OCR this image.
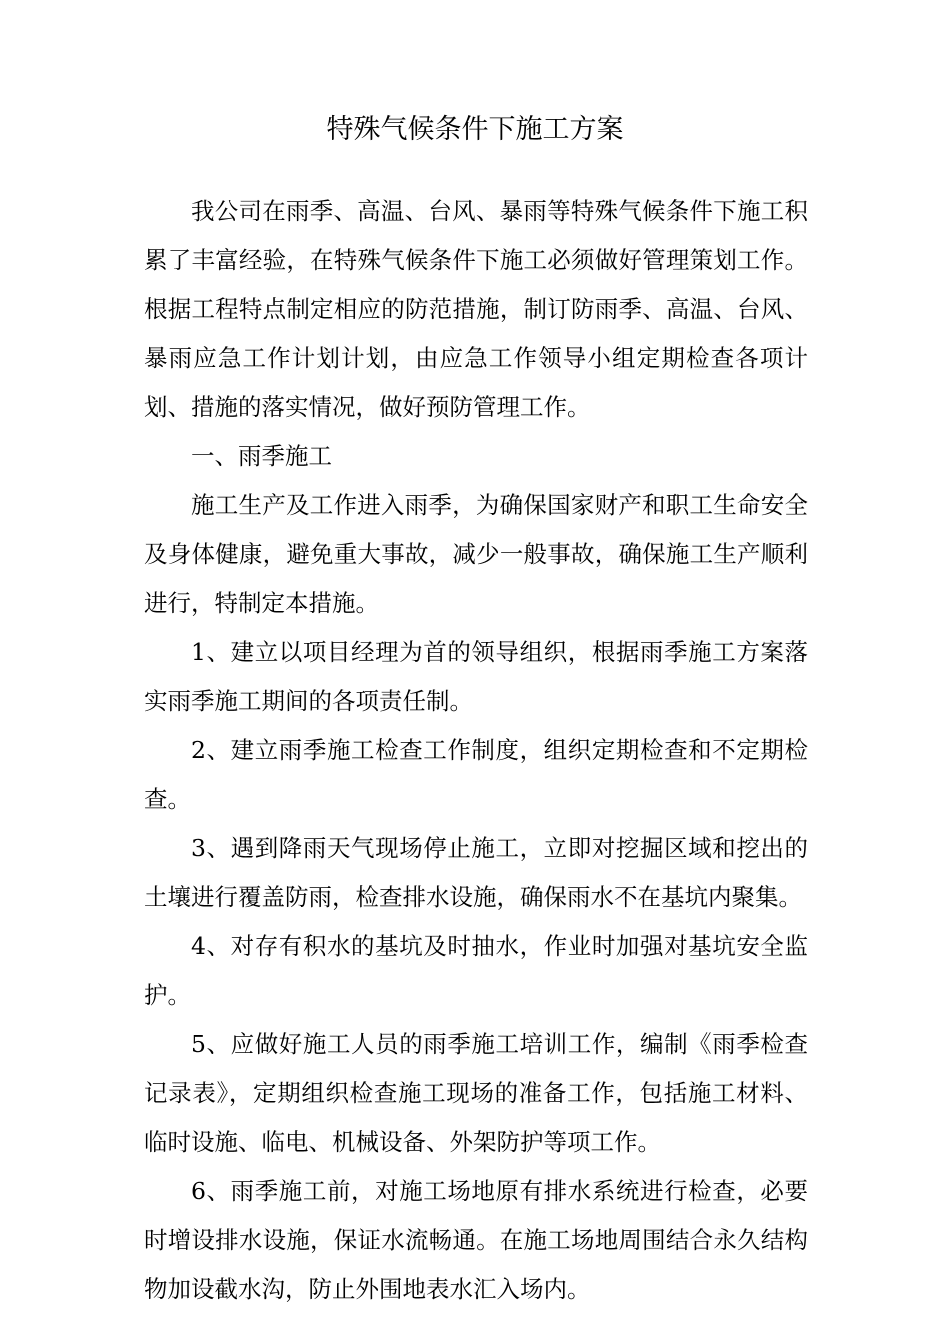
特殊气候条件下施工方案

我公司在雨季、高温、台风、暴雨等特殊气候条件下施工积累了丰富经验，在特殊气候条件下施工必须做好管理策划工作。根据工程特点制定相应的防范措施，制订防雨季、高温、台风、暴雨应急工作计划计划，由应急工作领导小组定期检查各项计划、措施的落实情况，做好预防管理工作。

一、雨季施工

施工生产及工作进入雨季，为确保国家财产和职工生命安全及身体健康，避免重大事故，减少一般事故，确保施工生产顺利进行，特制定本措施。

1、建立以项目经理为首的领导组织，根据雨季施工方案落实雨季施工期间的各项责任制。

2、建立雨季施工检查工作制度，组织定期检查和不定期检查。

3、遇到降雨天气现场停止施工，立即对挖掘区域和挖出的土壤进行覆盖防雨，检查排水设施，确保雨水不在基坑内聚集。

4、对存有积水的基坑及时抽水，作业时加强对基坑安全监护。

5、应做好施工人员的雨季施工培训工作，编制《雨季检查记录表》，定期组织检查施工现场的准备工作，包括施工材料、临时设施、临电、机械设备、外架防护等项工作。

6、雨季施工前，对施工场地原有排水系统进行检查，必要时增设排水设施，保证水流畅通。在施工场地周围结合永久结构物加设截水沟，防止外围地表水汇入场内。
